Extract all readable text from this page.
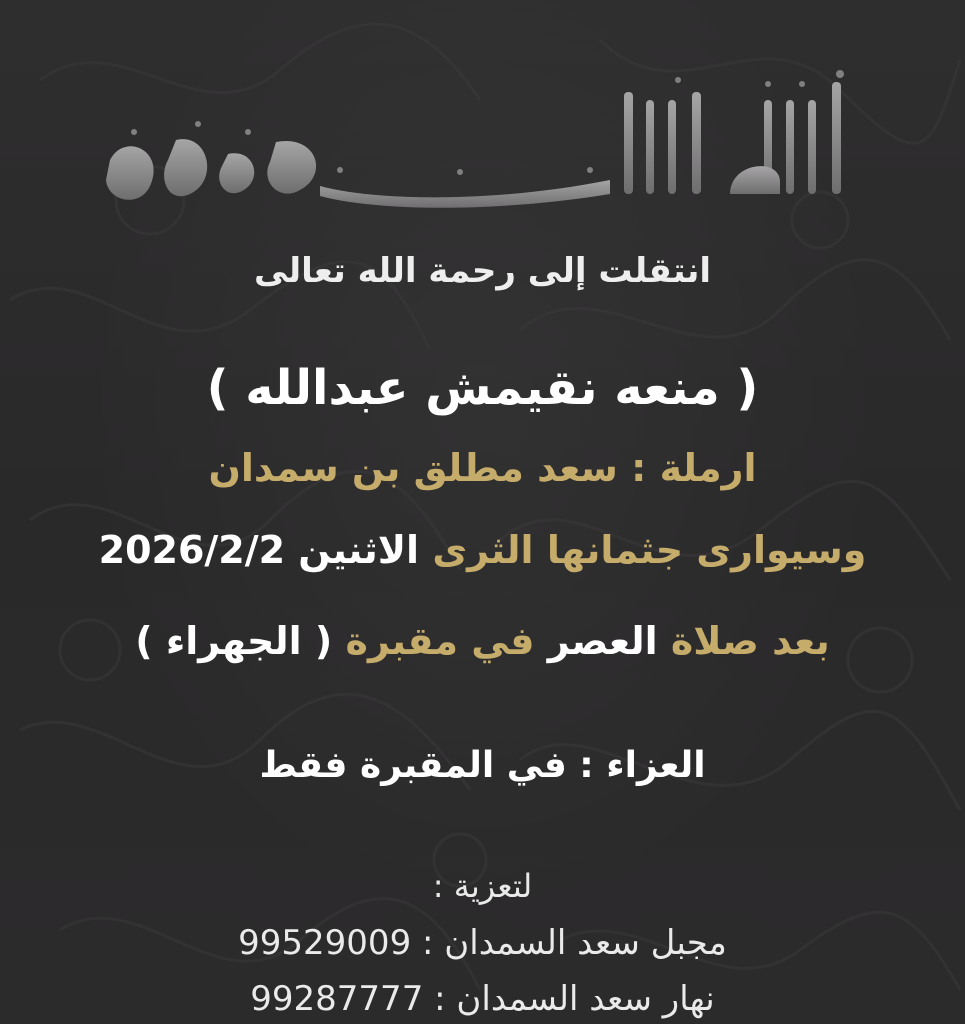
انتقلت إلى رحمة الله تعالى
( منعه نقيمش عبدالله )
ارملة : سعد مطلق بن سمدان
وسيوارى جثمانها الثرى الاثنين 2026/2/2
بعد صلاة العصر في مقبرة ( الجهراء )
العزاء : في المقبرة فقط
لتعزية :
مجبل سعد السمدان : 99529009
نهار سعد السمدان : 99287777
